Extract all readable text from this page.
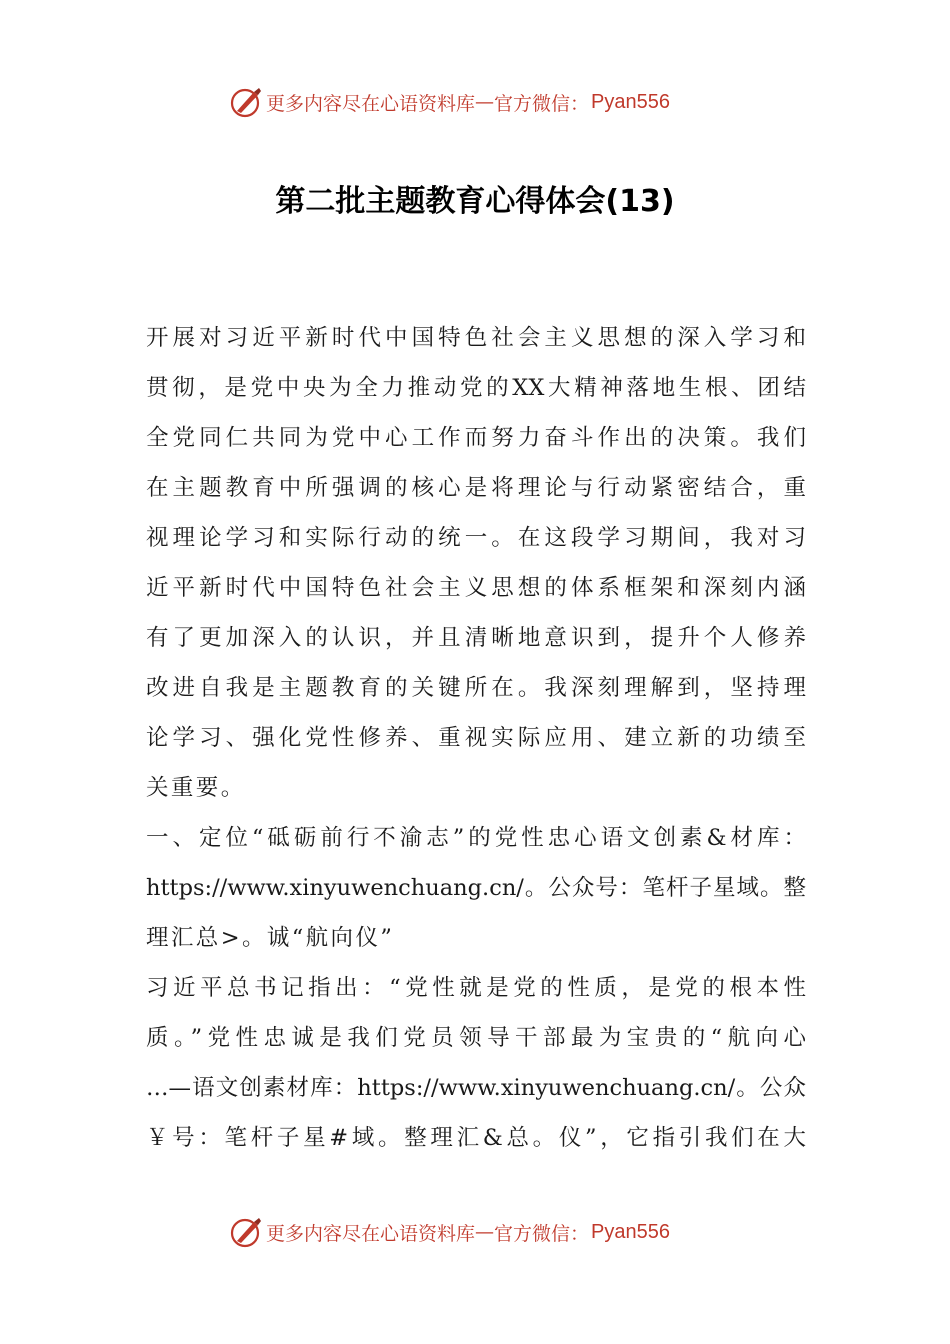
更多内容尽在心语资料库 — 官方微信： Pyan556
第二批主题教育心得体会(13)
开展对习近平新时代中国特色社会主义思想的深入学习和
贯彻，是党中央为全力推动党的XX大精神落地生根、团结
全党同仁共同为党中心工作而努力奋斗作出的决策。我们
在主题教育中所强调的核心是将理论与行动紧密结合，重
视理论学习和实际行动的统一。在这段学习期间，我对习
近平新时代中国特色社会主义思想的体系框架和深刻内涵
有了更加深入的认识，并且清晰地意识到，提升个人修养
改进自我是主题教育的关键所在。我深刻理解到，坚持理
论学习、强化党性修养、重视实际应用、建立新的功绩至
关重要。
一、定位“砥砺前行不渝志”的党性忠心语文创素&材库：
https://www.xinyuwenchuang.cn/。公众号：笔杆子星域。整
理汇总>。诚“航向仪”
习近平总书记指出：“党性就是党的性质，是党的根本性
质。”党性忠诚是我们党员领导干部最为宝贵的“航向心
…—语文创素材库：https://www.xinyuwenchuang.cn/。公众
￥号：笔杆子星#域。整理汇&总。仪”，它指引我们在大
更多内容尽在心语资料库 — 官方微信： Pyan556
